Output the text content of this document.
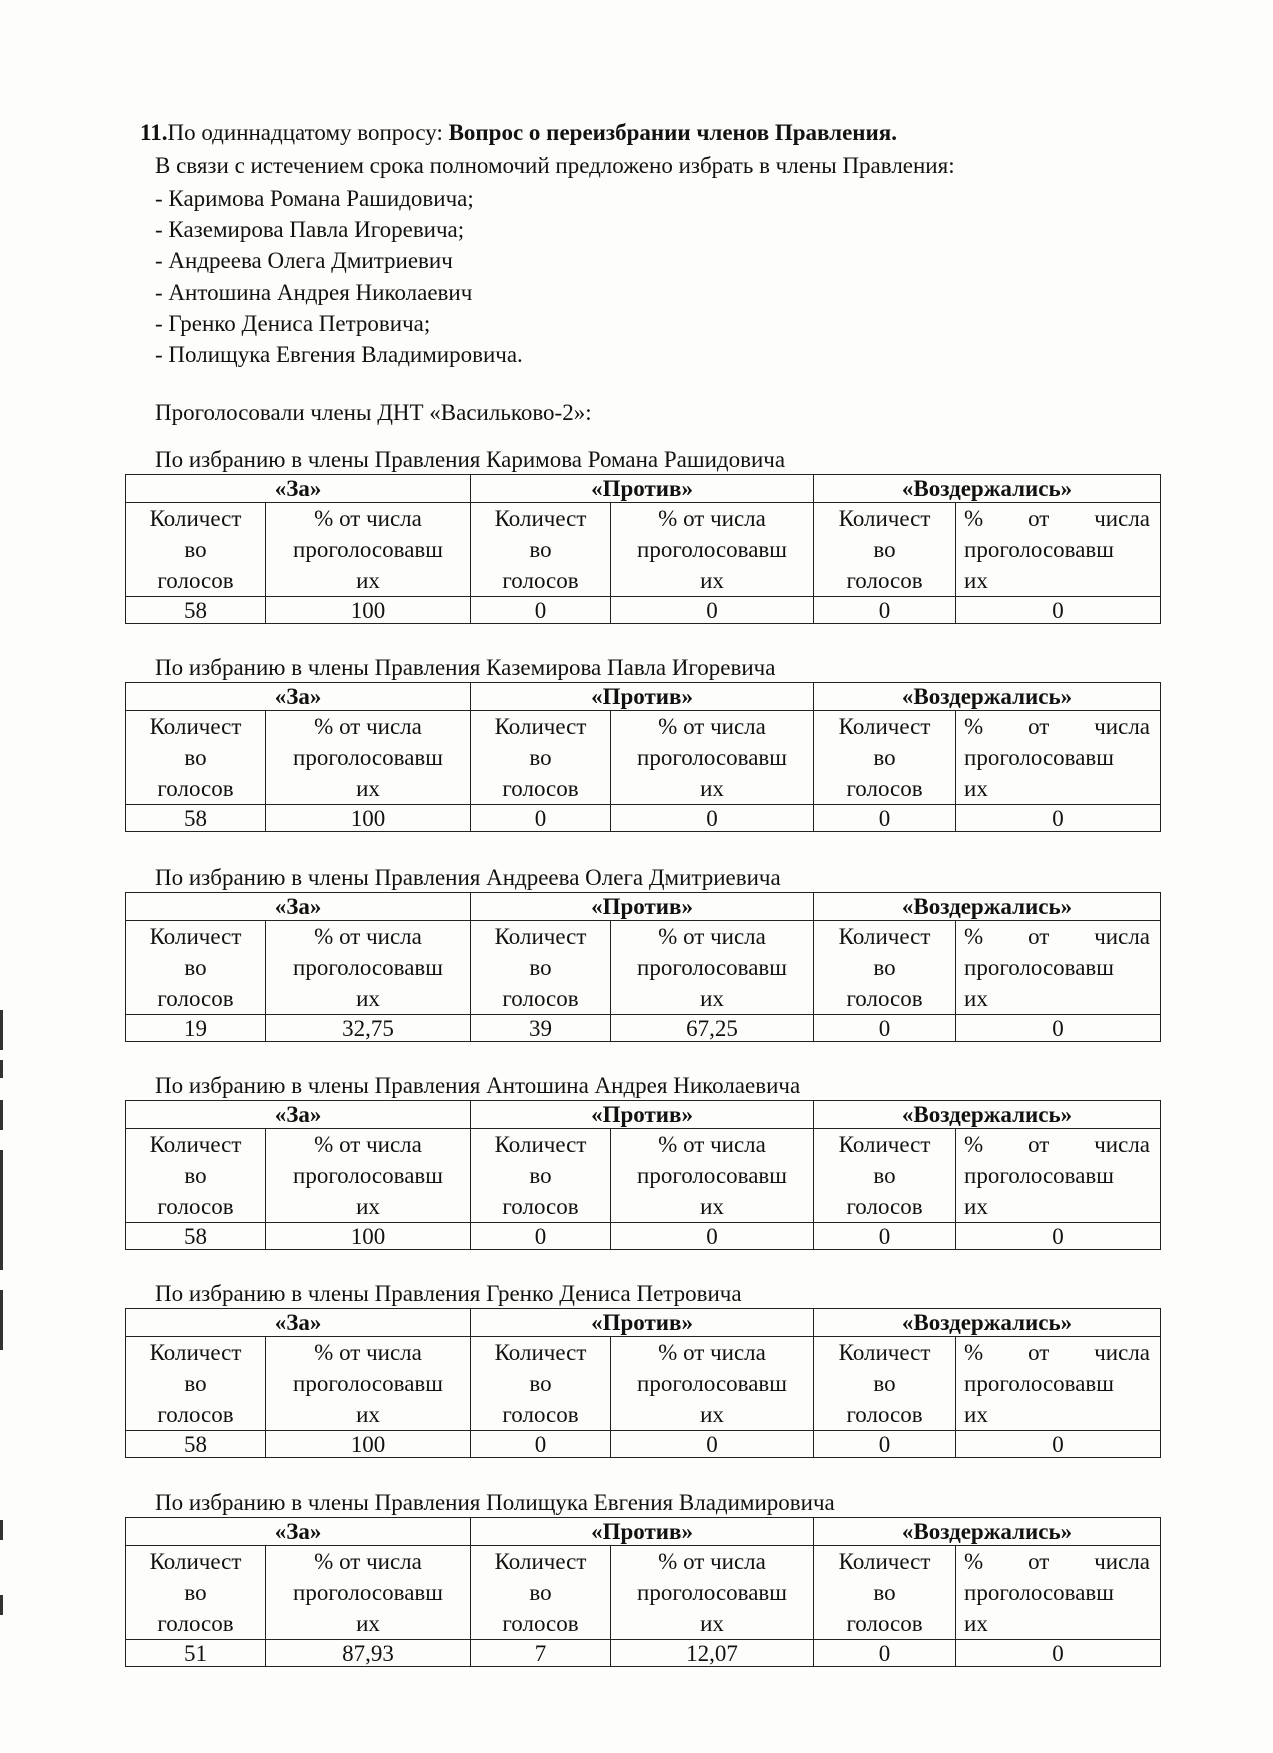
11.По одиннадцатому вопросу: Вопрос о переизбрании членов Правления.
В связи с истечением срока полномочий предложено избрать в члены Правления:
- Каримова Романа Рашидовича;
- Каземирова Павла Игоревича;
- Андреева Олега Дмитриевич
- Антошина Андрея Николаевич
- Гренко Дениса Петровича;
- Полищука Евгения Владимировича.
Проголосовали члены ДНТ «Васильково-2»:
По избранию в члены Правления Каримова Романа Рашидовича
«За»		«Против»		«Воздержались»	

Количест
во
голосов	% от числа
проголосовавш
их	Количест
во
голосов	% от числа
проголосовавш
их	Количест
во
голосов	% от числа
проголосовавш
их

58	100	0	0	0	0
По избранию в члены Правления Каземирова Павла Игоревича
«За»		«Против»		«Воздержались»	

Количест
во
голосов	% от числа
проголосовавш
их	Количест
во
голосов	% от числа
проголосовавш
их	Количест
во
голосов	% от числа
проголосовавш
их

58	100	0	0	0	0
По избранию в члены Правления Андреева Олега Дмитриевича
«За»		«Против»		«Воздержались»	

Количест
во
голосов	% от числа
проголосовавш
их	Количест
во
голосов	% от числа
проголосовавш
их	Количест
во
голосов	% от числа
проголосовавш
их

19	32,75	39	67,25	0	0
По избранию в члены Правления Антошина Андрея Николаевича
«За»		«Против»		«Воздержались»	

Количест
во
голосов	% от числа
проголосовавш
их	Количест
во
голосов	% от числа
проголосовавш
их	Количест
во
голосов	% от числа
проголосовавш
их

58	100	0	0	0	0
По избранию в члены Правления Гренко Дениса Петровича
«За»		«Против»		«Воздержались»	

Количест
во
голосов	% от числа
проголосовавш
их	Количест
во
голосов	% от числа
проголосовавш
их	Количест
во
голосов	% от числа
проголосовавш
их

58	100	0	0	0	0
По избранию в члены Правления Полищука Евгения Владимировича
«За»		«Против»		«Воздержались»	

Количест
во
голосов	% от числа
проголосовавш
их	Количест
во
голосов	% от числа
проголосовавш
их	Количест
во
голосов	% от числа
проголосовавш
их

51	87,93	7	12,07	0	0
